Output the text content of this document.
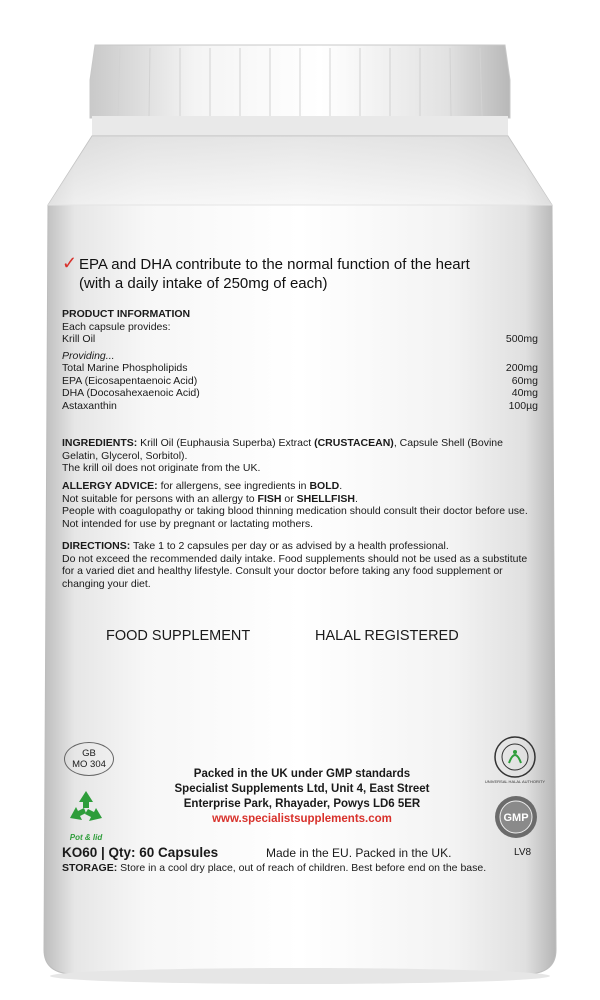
✓ EPA and DHA contribute to the normal function of the heart
(with a daily intake of 250mg of each)
PRODUCT INFORMATION
Each capsule provides:
Krill Oil	500mg
Providing...
Total Marine Phospholipids	200mg
EPA (Eicosapentaenoic Acid)	60mg
DHA (Docosahexaenoic Acid)	40mg
Astaxanthin	100µg
INGREDIENTS: Krill Oil (Euphausia Superba) Extract (CRUSTACEAN), Capsule Shell (Bovine Gelatin, Glycerol, Sorbitol).
The krill oil does not originate from the UK.
ALLERGY ADVICE: for allergens, see ingredients in BOLD.
Not suitable for persons with an allergy to FISH or SHELLFISH.
People with coagulopathy or taking blood thinning medication should consult their doctor before use. Not intended for use by pregnant or lactating mothers.
DIRECTIONS: Take 1 to 2 capsules per day or as advised by a health professional.
Do not exceed the recommended daily intake. Food supplements should not be used as a substitute for a varied diet and healthy lifestyle. Consult your doctor before taking any food supplement or changing your diet.
FOOD SUPPLEMENT	HALAL REGISTERED
GB
MO 304
Pot & lid
Packed in the UK under GMP standards
Specialist Supplements Ltd, Unit 4, East Street
Enterprise Park, Rhayader, Powys LD6 5ER
www.specialistsupplements.com
UNIVERSAL HALAL AUTHORITY
GMP
KO60 | Qty: 60 Capsules	Made in the EU. Packed in the UK.	LV8
STORAGE: Store in a cool dry place, out of reach of children. Best before end on the base.
